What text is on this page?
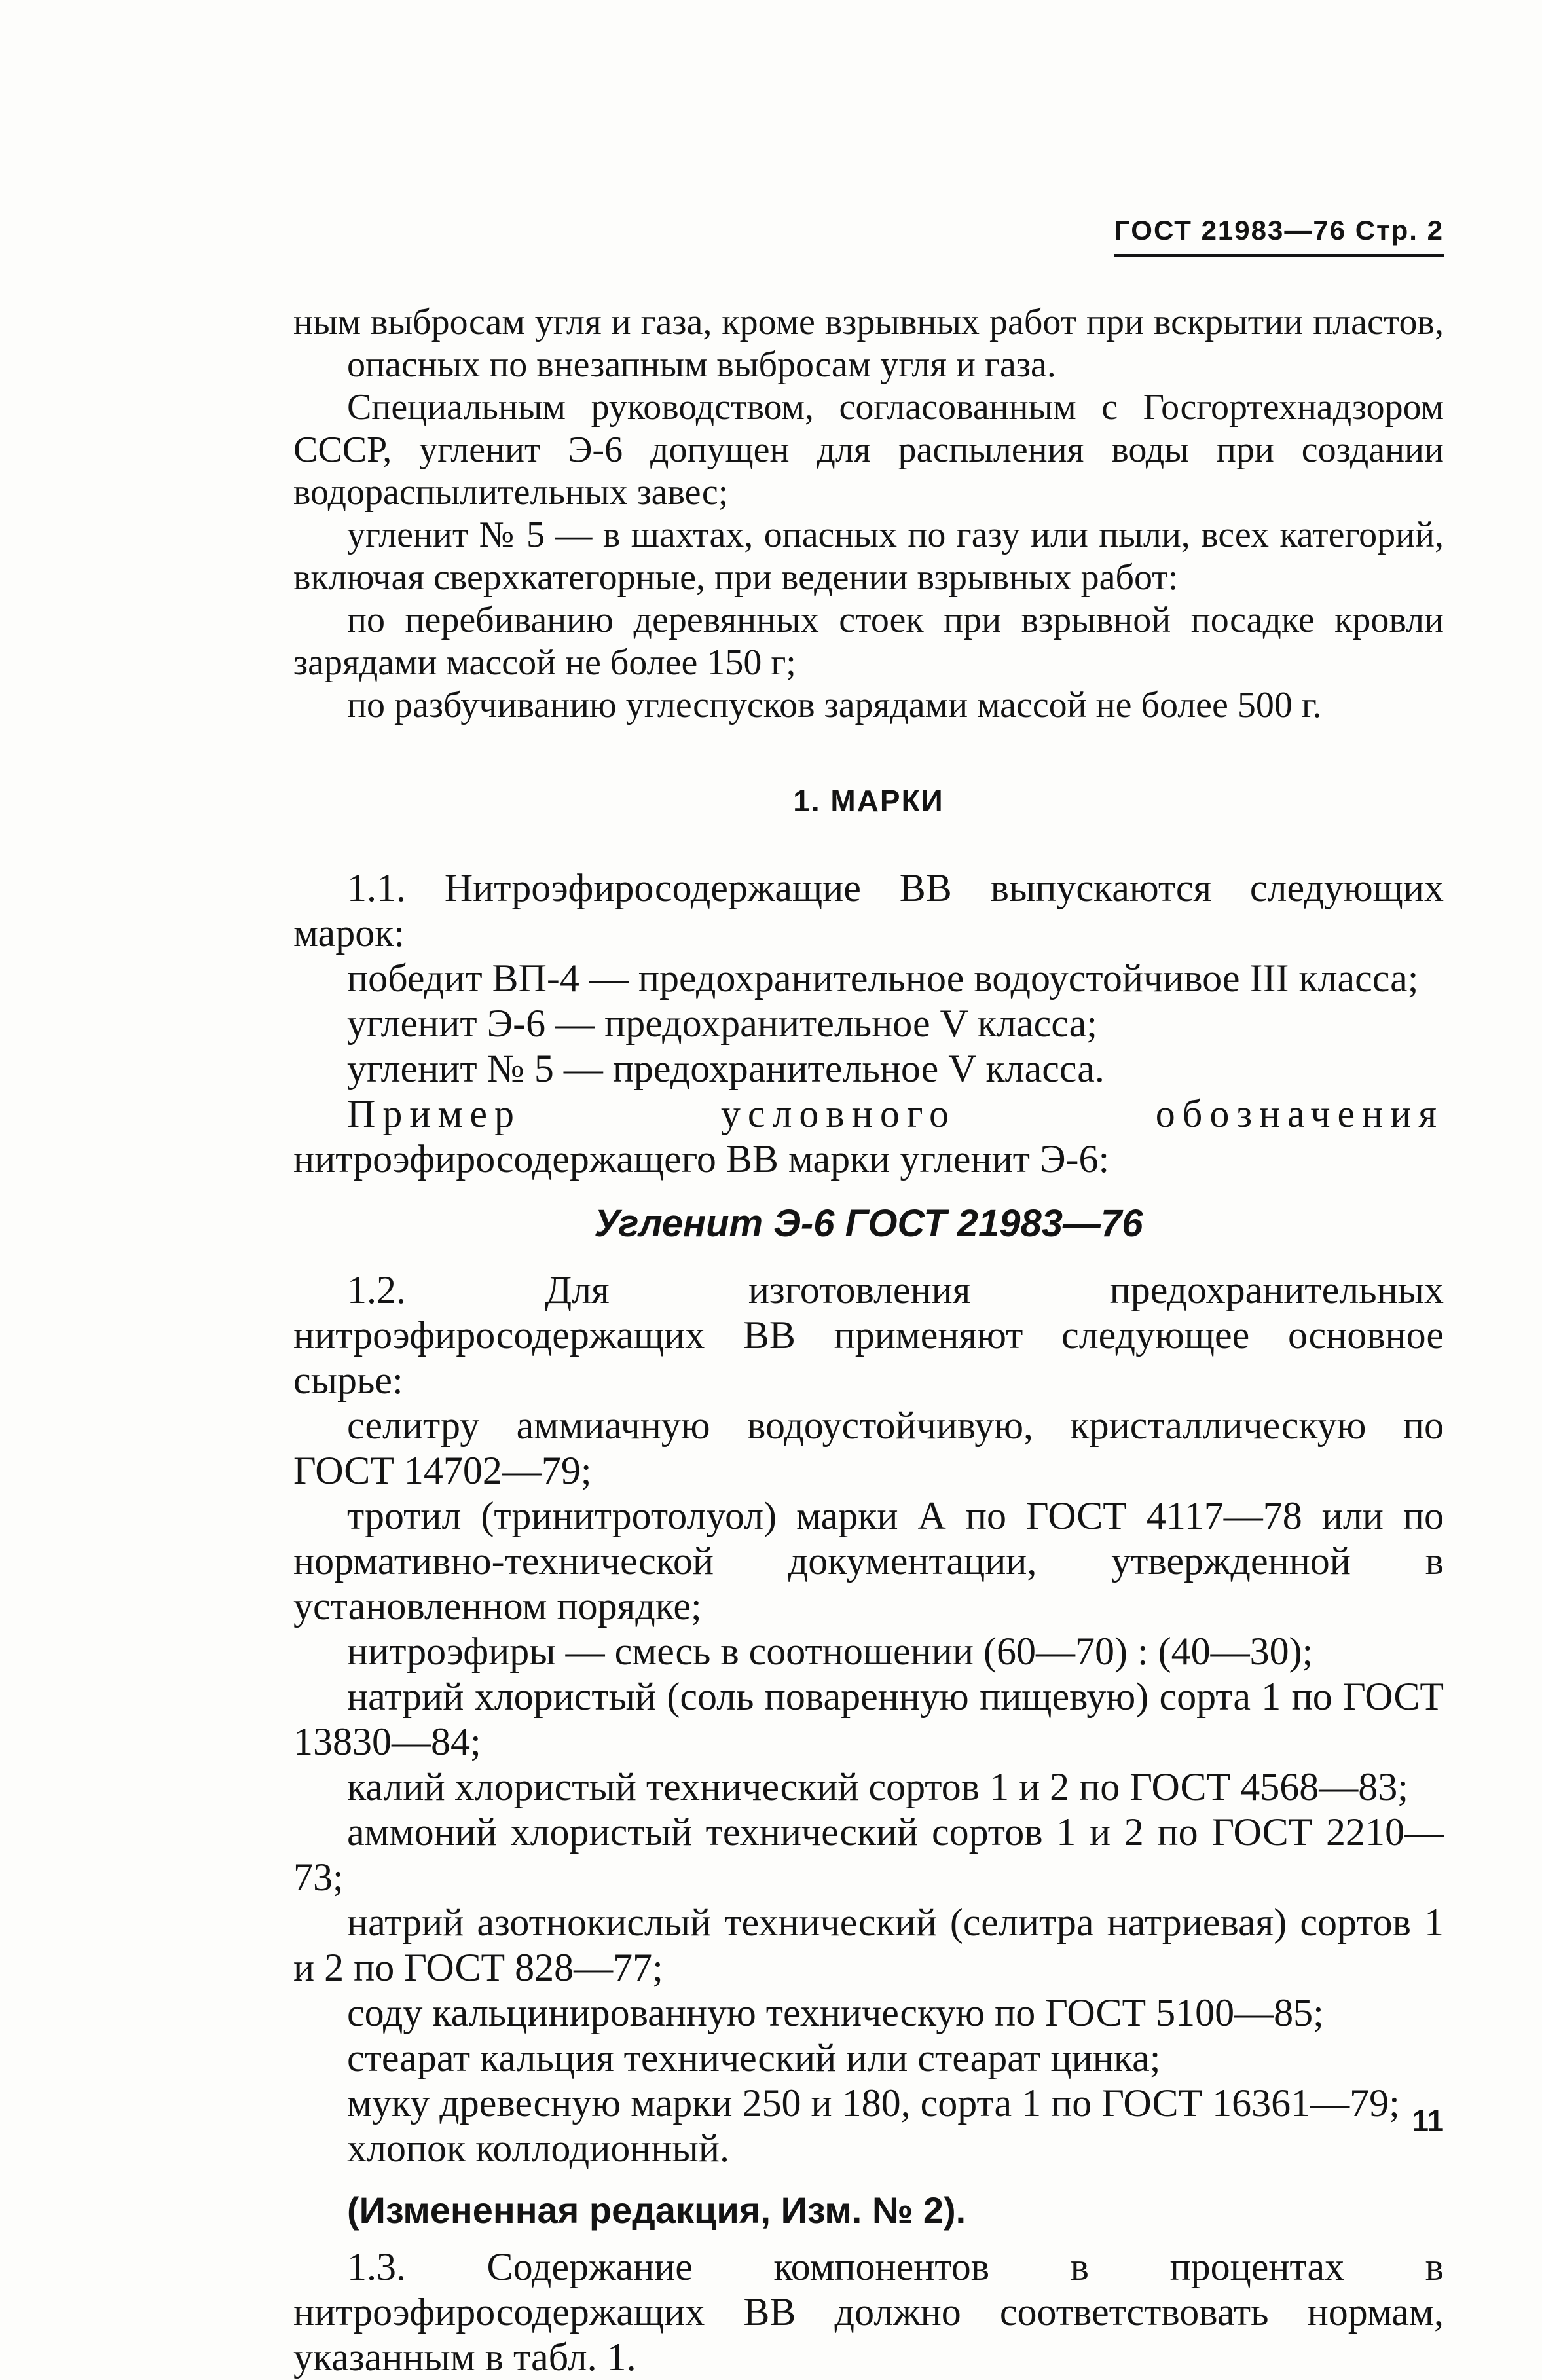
ГОСТ 21983—76 Стр. 2

ным выбросам угля и газа, кроме взрывных работ при вскрытии пластов, опасных по внезапным выбросам угля и газа.

Специальным руководством, согласованным с Госгортехнадзором СССР, угленит Э-6 допущен для распыления воды при создании водораспылительных завес;

угленит № 5 — в шахтах, опасных по газу или пыли, всех категорий, включая сверхкатегорные, при ведении взрывных работ:

по перебиванию деревянных стоек при взрывной посадке кровли зарядами массой не более 150 г;

по разбучиванию углеспусков зарядами массой не более 500 г.

1. МАРКИ

1.1. Нитроэфиросодержащие ВВ выпускаются следующих марок:

победит ВП-4 — предохранительное водоустойчивое III класса;

угленит Э-6 — предохранительное V класса;

угленит № 5 — предохранительное V класса.

Пример условного обозначения нитроэфиросодержащего ВВ марки угленит Э-6:

Угленит Э-6 ГОСТ 21983—76

1.2. Для изготовления предохранительных нитроэфиросодержащих ВВ применяют следующее основное сырье:

селитру аммиачную водоустойчивую, кристаллическую по ГОСТ 14702—79;

тротил (тринитротолуол) марки А по ГОСТ 4117—78 или по нормативно-технической документации, утвержденной в установленном порядке;

нитроэфиры — смесь в соотношении (60—70) : (40—30);

натрий хлористый (соль поваренную пищевую) сорта 1 по ГОСТ 13830—84;

калий хлористый технический сортов 1 и 2 по ГОСТ 4568—83;

аммоний хлористый технический сортов 1 и 2 по ГОСТ 2210—73;

натрий азотнокислый технический (селитра натриевая) сортов 1 и 2 по ГОСТ 828—77;

соду кальцинированную техническую по ГОСТ 5100—85;

стеарат кальция технический или стеарат цинка;

муку древесную марки 250 и 180, сорта 1 по ГОСТ 16361—79;

хлопок коллодионный.

(Измененная редакция, Изм. № 2).

1.3. Содержание компонентов в процентах в нитроэфиросодержащих ВВ должно соответствовать нормам, указанным в табл. 1.

11
